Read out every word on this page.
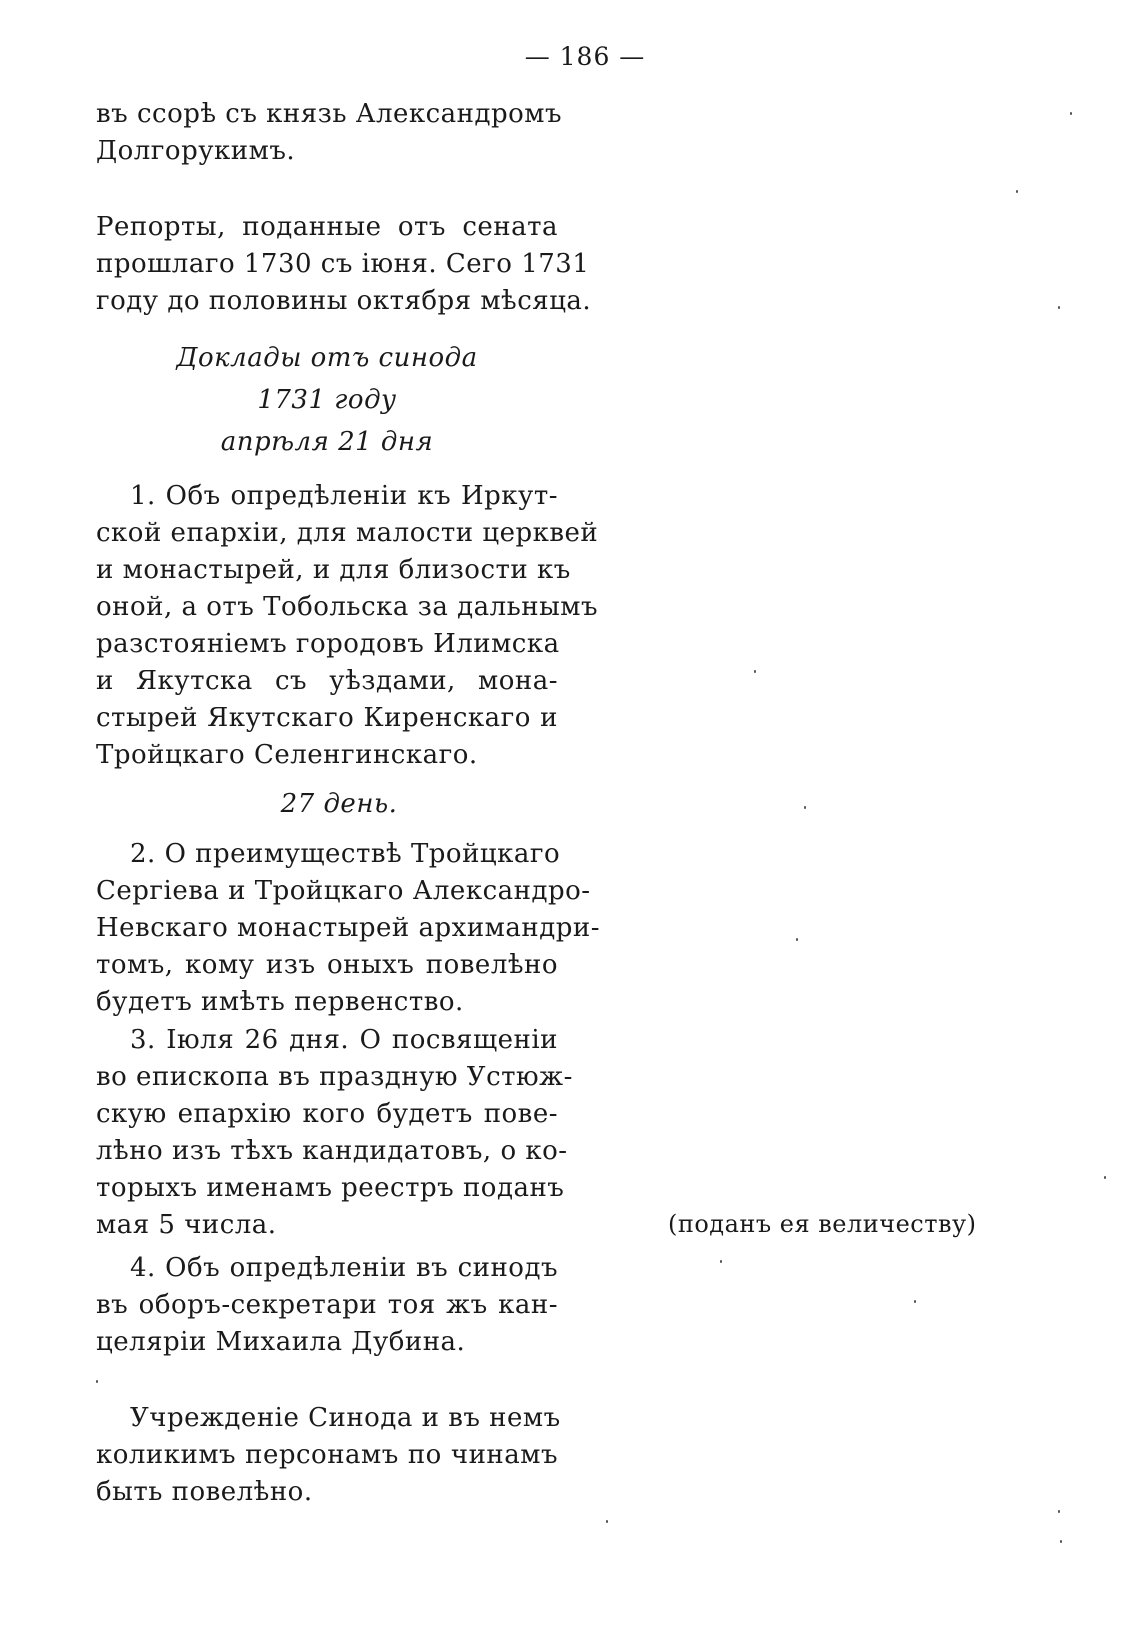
— 186 —
въ ссорѣ съ князь Александромъ
Долгорукимъ.
Репорты, поданные отъ сената
прошлаго 1730 съ іюня. Сего 1731
году до половины октября мѣсяца.
Доклады отъ синода
1731 году
апрѣля 21 дня
1. Объ опредѣленіи къ Иркут-
ской епархіи, для малости церквей
и монастырей, и для близости къ
оной, а отъ Тобольска за дальнымъ
разстояніемъ городовъ Илимска
и Якутска съ уѣздами, мона-
стырей Якутскаго Киренскаго и
Тройцкаго Селенгинскаго.
27 день.
2. О преимуществѣ Тройцкаго
Сергіева и Тройцкаго Александро-
Невскаго монастырей архимандри-
томъ, кому изъ оныхъ повелѣно
будетъ имѣть первенство.
3. Іюля 26 дня. О посвященіи
во епископа въ праздную Устюж-
скую епархію кого будетъ пове-
лѣно изъ тѣхъ кандидатовъ, о ко-
торыхъ именамъ реестръ поданъ
мая 5 числа.	(поданъ ея величеству)
4. Объ опредѣленіи въ синодъ
въ оборъ-секретари тоя жъ кан-
целяріи Михаила Дубина.
Учрежденіе Синода и въ немъ
коликимъ персонамъ по чинамъ
быть повелѣно.
